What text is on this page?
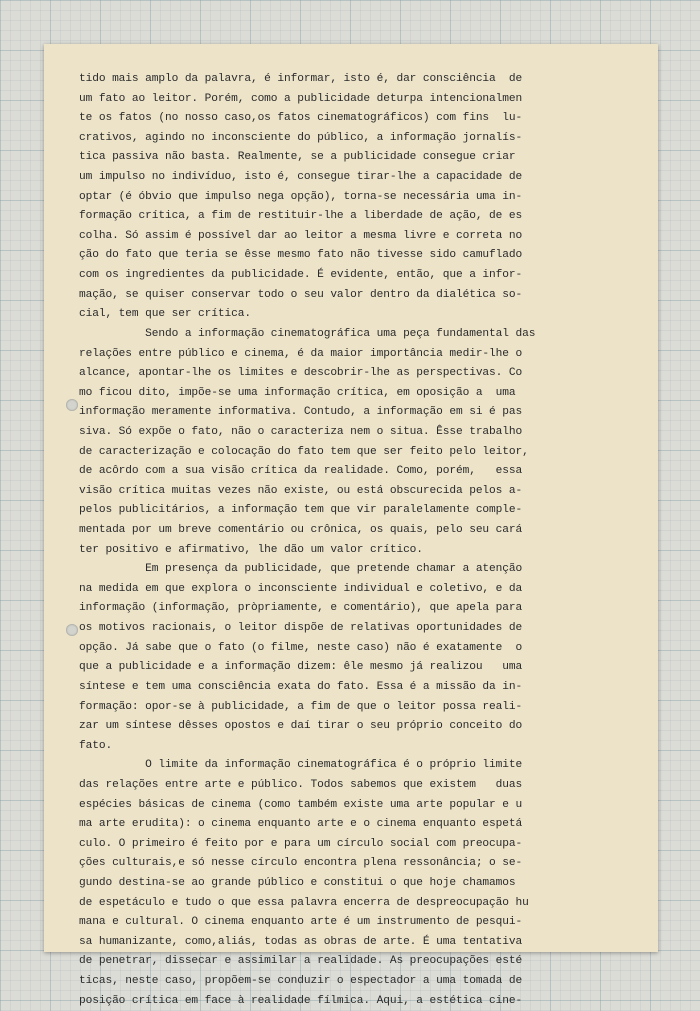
tido mais amplo da palavra, é informar, isto é, dar consciência  de
um fato ao leitor. Porém, como a publicidade deturpa intencionalmen
te os fatos (no nosso caso,os fatos cinematográficos) com fins  lu-
crativos, agindo no inconsciente do público, a informação jornalís-
tica passiva não basta. Realmente, se a publicidade consegue criar
um impulso no indivíduo, isto é, consegue tirar-lhe a capacidade de
optar (é óbvio que impulso nega opção), torna-se necessária uma in-
formação crítica, a fim de restituir-lhe a liberdade de ação, de es
colha. Só assim é possível dar ao leitor a mesma livre e correta no
ção do fato que teria se êsse mesmo fato não tivesse sido camuflado
com os ingredientes da publicidade. É evidente, então, que a infor-
mação, se quiser conservar todo o seu valor dentro da dialética so-
cial, tem que ser crítica.
Sendo a informação cinematográfica uma peça fundamental das
relações entre público e cinema, é da maior importância medir-lhe o
alcance, apontar-lhe os limites e descobrir-lhe as perspectivas. Co
mo ficou dito, impõe-se uma informação crítica, em oposição a  uma
informação meramente informativa. Contudo, a informação em si é pas
siva. Só expõe o fato, não o caracteriza nem o situa. Êsse trabalho
de caracterização e colocação do fato tem que ser feito pelo leitor,
de acôrdo com a sua visão crítica da realidade. Como, porém,   essa
visão crítica muitas vezes não existe, ou está obscurecida pelos a-
pelos publicitários, a informação tem que vir paralelamente comple-
mentada por um breve comentário ou crônica, os quais, pelo seu cará
ter positivo e afirmativo, lhe dão um valor crítico.
Em presença da publicidade, que pretende chamar a atenção
na medida em que explora o inconsciente individual e coletivo, e da
informação (informação, pròpriamente, e comentário), que apela para
os motivos racionais, o leitor dispõe de relativas oportunidades de
opção. Já sabe que o fato (o filme, neste caso) não é exatamente  o
que a publicidade e a informação dizem: êle mesmo já realizou   uma
síntese e tem uma consciência exata do fato. Essa é a missão da in-
formação: opor-se à publicidade, a fim de que o leitor possa reali-
zar um síntese dêsses opostos e daí tirar o seu próprio conceito do
fato.
O limite da informação cinematográfica é o próprio limite
das relações entre arte e público. Todos sabemos que existem   duas
espécies básicas de cinema (como também existe uma arte popular e u
ma arte erudita): o cinema enquanto arte e o cinema enquanto espetá
culo. O primeiro é feito por e para um círculo social com preocupa-
ções culturais,e só nesse círculo encontra plena ressonância; o se-
gundo destina-se ao grande público e constitui o que hoje chamamos
de espetáculo e tudo o que essa palavra encerra de despreocupação hu
mana e cultural. O cinema enquanto arte é um instrumento de pesqui-
sa humanizante, como,aliás, todas as obras de arte. É uma tentativa
de penetrar, dissecar e assimilar a realidade. As preocupações esté
ticas, neste caso, propõem-se conduzir o espectador a uma tomada de
posição crítica em face à realidade fílmica. Aqui, a estética cine-
